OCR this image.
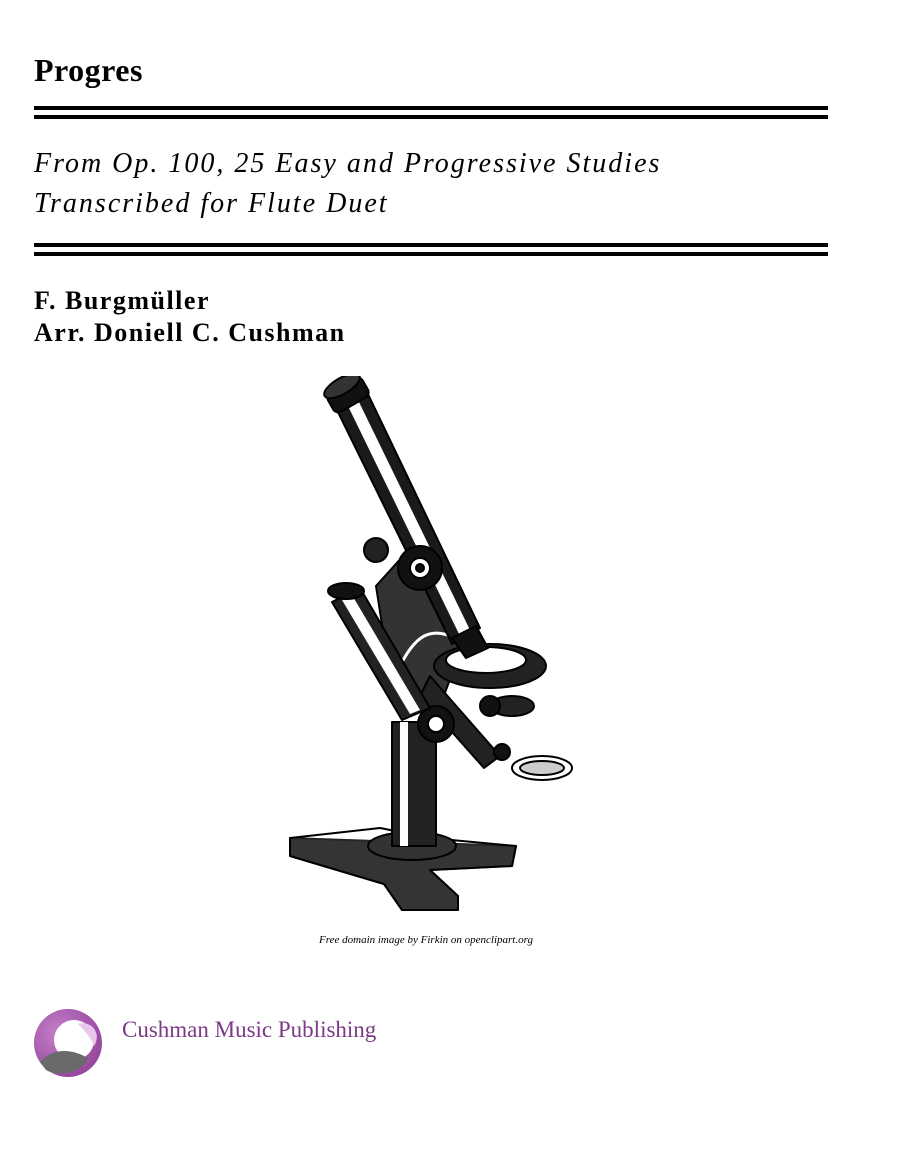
Progres
From Op. 100, 25 Easy and Progressive Studies
Transcribed for Flute Duet
F. Burgmüller
Arr. Doniell C. Cushman
Free domain image by Firkin on openclipart.org
Cushman Music Publishing
